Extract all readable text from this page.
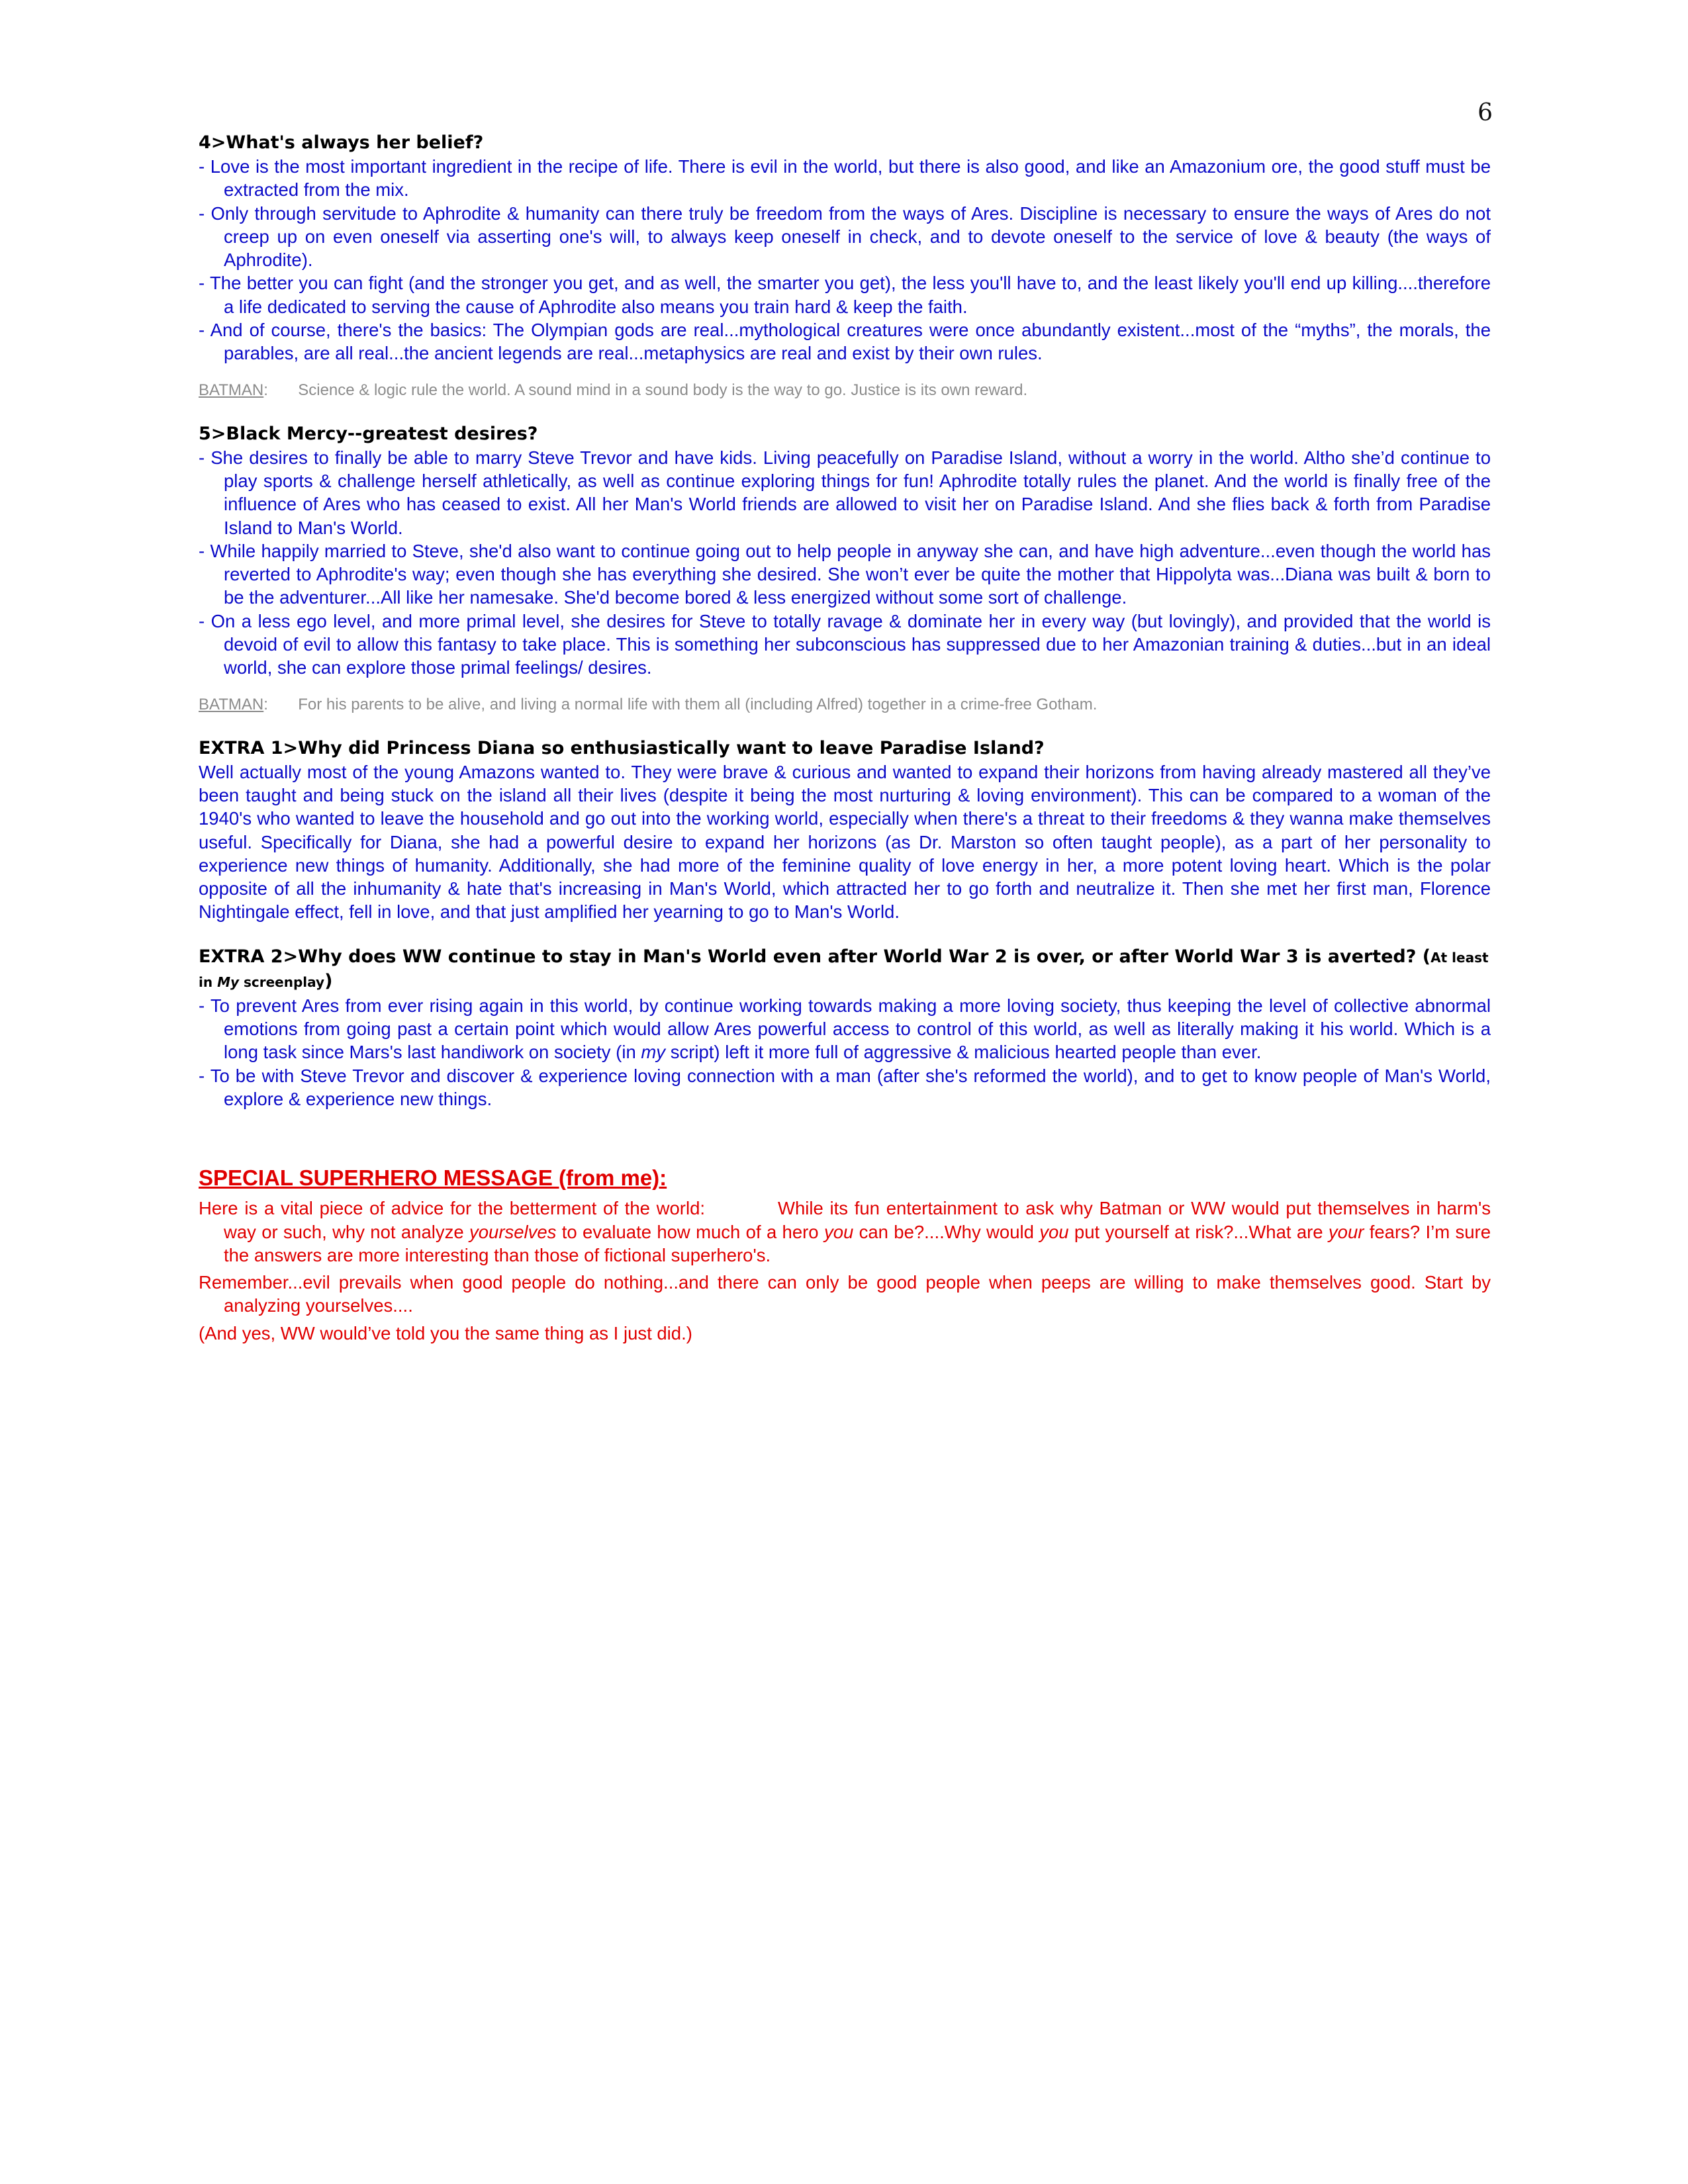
6

4>What's always her belief?

- Love is the most important ingredient in the recipe of life. There is evil in the world, but there is also good, and like an Amazonium ore, the good stuff must be extracted from the mix.
- Only through servitude to Aphrodite & humanity can there truly be freedom from the ways of Ares. Discipline is necessary to ensure the ways of Ares do not creep up on even oneself via asserting one's will, to always keep oneself in check, and to devote oneself to the service of love & beauty (the ways of Aphrodite).
- The better you can fight (and the stronger you get, and as well, the smarter you get), the less you'll have to, and the least likely you'll end up killing....therefore a life dedicated to serving the cause of Aphrodite also means you train hard & keep the faith.
- And of course, there's the basics: The Olympian gods are real...mythological creatures were once abundantly existent...most of the “myths”, the morals, the parables, are all real...the ancient legends are real...metaphysics are real and exist by their own rules.
BATMAN :	Science & logic rule the world. A sound mind in a sound body is the way to go. Justice is its own reward.

5>Black Mercy--greatest desires?

- She desires to finally be able to marry Steve Trevor and have kids. Living peacefully on Paradise Island, without a worry in the world. Altho she’d continue to play sports & challenge herself athletically, as well as continue exploring things for fun! Aphrodite totally rules the planet. And the world is finally free of the influence of Ares who has ceased to exist. All her Man's World friends are allowed to visit her on Paradise Island. And she flies back & forth from Paradise Island to Man's World.
- While happily married to Steve, she'd also want to continue going out to help people in anyway she can, and have high adventure...even though the world has reverted to Aphrodite's way; even though she has everything she desired. She won’t ever be quite the mother that Hippolyta was...Diana was built & born to be the adventurer...All like her namesake. She'd become bored & less energized without some sort of challenge.
- On a less ego level, and more primal level, she desires for Steve to totally ravage & dominate her in every way (but lovingly), and provided that the world is devoid of evil to allow this fantasy to take place. This is something her subconscious has suppressed due to her Amazonian training & duties...but in an ideal world, she can explore those primal feelings/ desires.
BATMAN :	For his parents to be alive, and living a normal life with them all (including Alfred) together in a crime-free Gotham.

EXTRA 1>Why did Princess Diana so enthusiastically want to leave Paradise Island?

Well actually most of the young Amazons wanted to. They were brave & curious and wanted to expand their horizons from having already mastered all they’ve been taught and being stuck on the island all their lives (despite it being the most nurturing & loving environment). This can be compared to a woman of the 1940's who wanted to leave the household and go out into the working world, especially when there's a threat to their freedoms & they wanna make themselves useful. Specifically for Diana, she had a powerful desire to expand her horizons (as Dr. Marston so often taught people), as a part of her personality to experience new things of humanity. Additionally, she had more of the feminine quality of love energy in her, a more potent loving heart. Which is the polar opposite of all the inhumanity & hate that's increasing in Man's World, which attracted her to go forth and neutralize it. Then she met her first man, Florence Nightingale effect, fell in love, and that just amplified her yearning to go to Man's World.

EXTRA 2>Why does WW continue to stay in Man's World even after World War 2 is over, or after World War 3 is averted? (At least in My screenplay)

- To prevent Ares from ever rising again in this world, by continue working towards making a more loving society, thus keeping the level of collective abnormal emotions from going past a certain point which would allow Ares powerful access to control of this world, as well as literally making it his world. Which is a long task since Mars's last handiwork on society (in my script) left it more full of aggressive & malicious hearted people than ever.
- To be with Steve Trevor and discover & experience loving connection with a man (after she's reformed the world), and to get to know people of Man's World, explore & experience new things.
SPECIAL SUPERHERO MESSAGE (from me):
Here is a vital piece of advice for the betterment of the world:	While its fun entertainment to ask why Batman or WW would put themselves in harm's way or such, why not analyze yourselves to evaluate how much of a hero you can be?....Why would you put yourself at risk?...What are your fears? I’m sure the answers are more interesting than those of fictional superhero's.
Remember...evil prevails when good people do nothing...and there can only be good people when peeps are willing to make themselves good. Start by analyzing yourselves....
(And yes, WW would’ve told you the same thing as I just did.)
